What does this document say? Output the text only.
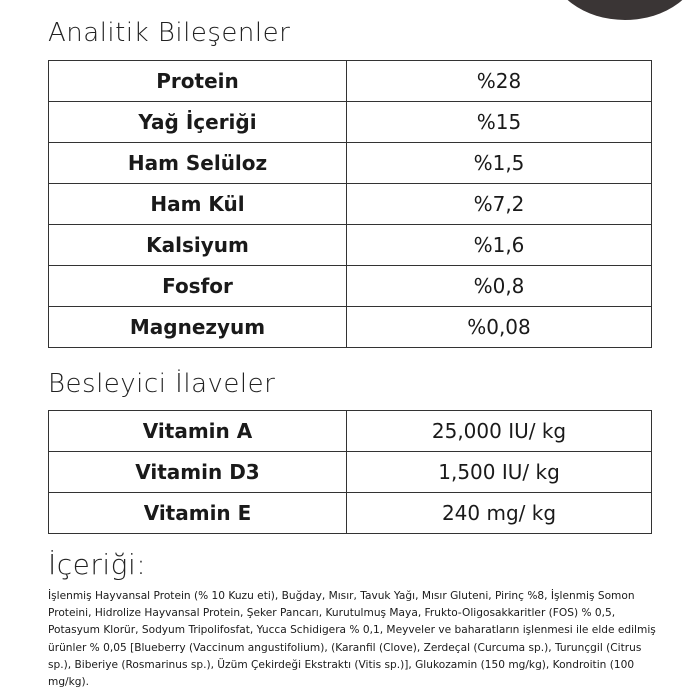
Analitik Bileşenler
Protein	%28
Yağ İçeriği	%15
Ham Selüloz	%1,5
Ham Kül	%7,2
Kalsiyum	%1,6
Fosfor	%0,8
Magnezyum	%0,08
Besleyici İlaveler
Vitamin A	25,000 IU/ kg
Vitamin D3	1,500 IU/ kg
Vitamin E	240 mg/ kg
İçeriği:

İşlenmiş Hayvansal Protein (% 10 Kuzu eti), Buğday, Mısır, Tavuk Yağı, Mısır Gluteni, Pirinç %8, İşlenmiş Somon Proteini, Hidrolize Hayvansal Protein, Şeker Pancarı, Kurutulmuş Maya, Frukto-Oligosakkaritler (FOS) % 0,5, Potasyum Klorür, Sodyum Tripolifosfat, Yucca Schidigera % 0,1, Meyveler ve baharatların işlenmesi ile elde edilmiş ürünler % 0,05 [Blueberry (Vaccinum angustifolium), (Karanfil (Clove), Zerdeçal (Curcuma sp.), Turunçgil (Citrus sp.), Biberiye (Rosmarinus sp.), Üzüm Çekirdeği Ekstraktı (Vitis sp.)], Glukozamin (150 mg/kg), Kondroitin (100 mg/kg).
